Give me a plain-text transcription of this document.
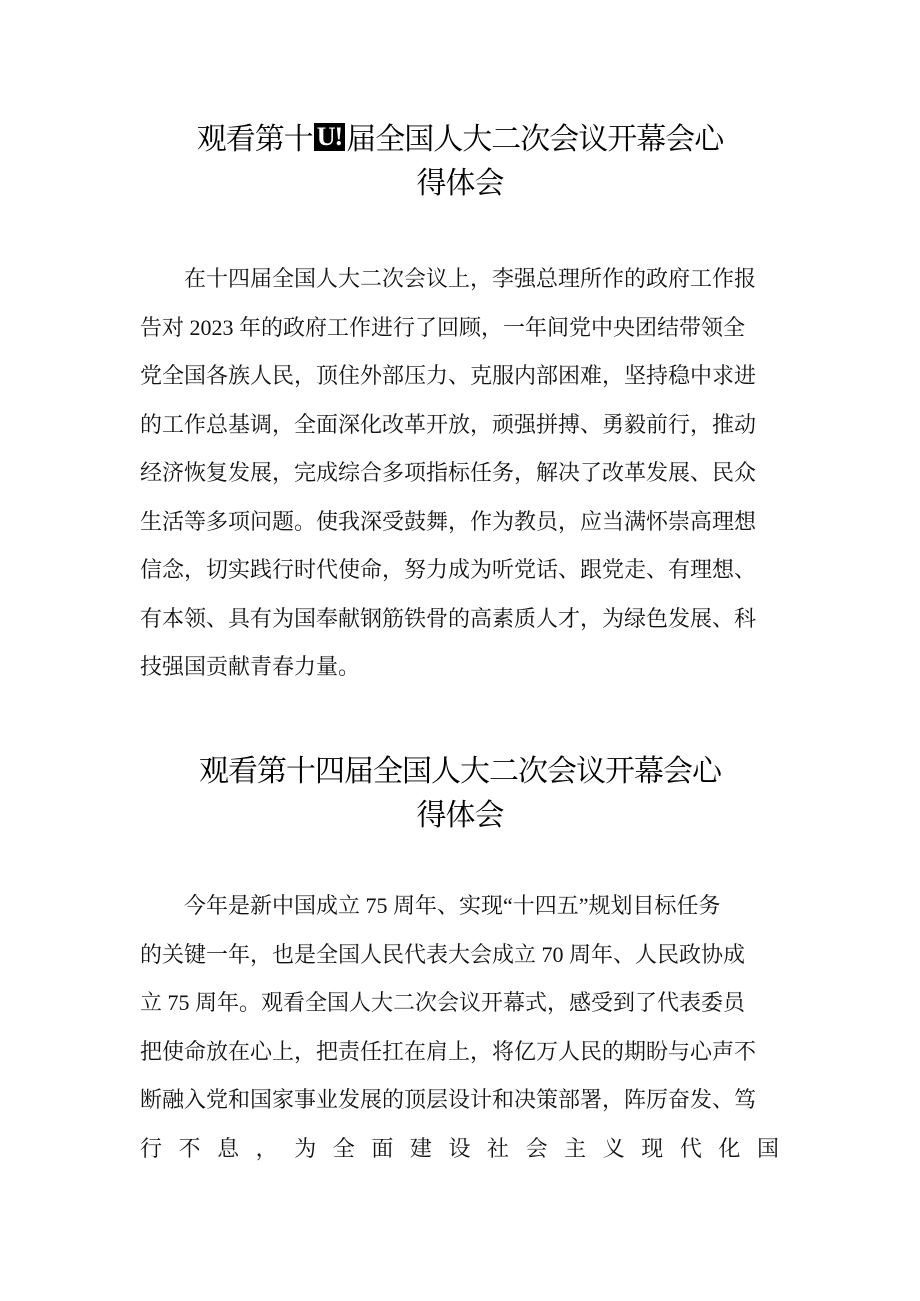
观看第十 U! 届全国人大二次会议开幕会心
得体会
在十四届全国人大二次会议上，李强总理所作的政府工作报
告对 2023 年的政府工作进行了回顾，一年间党中央团结带领全
党全国各族人民，顶住外部压力、克服内部困难，坚持稳中求进
的工作总基调，全面深化改革开放，顽强拼搏、勇毅前行，推动
经济恢复发展，完成综合多项指标任务，解决了改革发展、民众
生活等多项问题。使我深受鼓舞，作为教员，应当满怀崇高理想
信念，切实践行时代使命，努力成为听党话、跟党走、有理想、
有本领、具有为国奉献钢筋铁骨的高素质人才，为绿色发展、科
技强国贡献青春力量。
观看第十四届全国人大二次会议开幕会心
得体会
今年是新中国成立 75 周年、实现“十四五”规划目标任务
的关键一年，也是全国人民代表大会成立 70 周年、人民政协成
立 75 周年。观看全国人大二次会议开幕式，感受到了代表委员
把使命放在心上，把责任扛在肩上，将亿万人民的期盼与心声不
断融入党和国家事业发展的顶层设计和决策部署，阵厉奋发、笃
行不息，为全面建设社会主义现代化国
